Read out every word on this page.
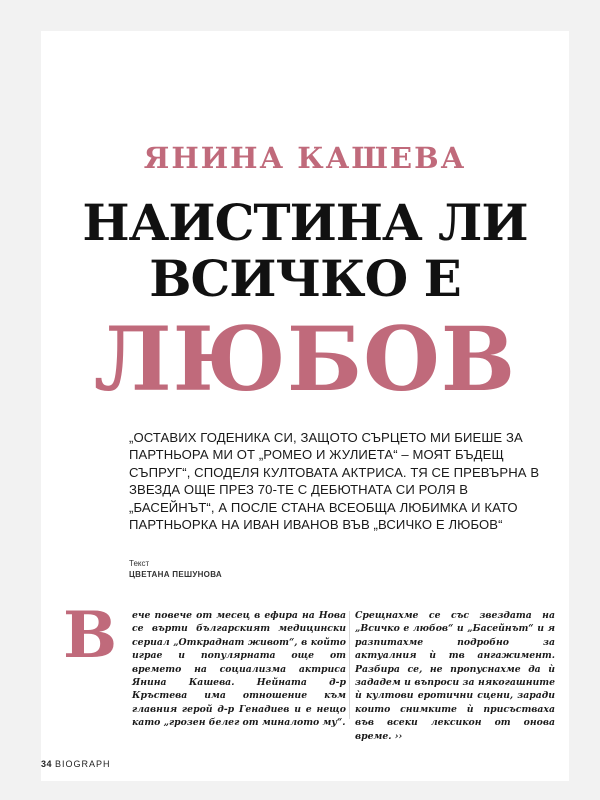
ЯНИНА КАШЕВА
НАИСТИНА ЛИ
ВСИЧКО Е
ЛЮБОВ
„ОСТАВИХ ГОДЕНИКА СИ, ЗАЩОТО СЪРЦЕТО МИ БИЕШЕ ЗА ПАРТНЬОРА МИ ОТ „РОМЕО И ЖУЛИЕТА“ – МОЯТ БЪДЕЩ СЪПРУГ“, СПОДЕЛЯ КУЛТОВАТА АКТРИСА. ТЯ СЕ ПРЕВЪРНА В ЗВЕЗДА ОЩЕ ПРЕЗ 70-ТЕ С ДЕБЮТНАТА СИ РОЛЯ В „БАСЕЙНЪТ“, А ПОСЛЕ СТАНА ВСЕОБЩА ЛЮБИМКА И КАТО ПАРТНЬОРКА НА ИВАН ИВАНОВ ВЪВ „ВСИЧКО Е ЛЮБОВ“
Текст
ЦВЕТАНА ПЕШУНОВА
В ече повече от месец в ефира на Нова се върти българският медицински сериал „Откраднат живот“, в който играе и популярната още от времето на социализма актриса Янина Кашева. Нейната д-р Кръстева има отношение към главния герой д-р Генадиев и е нещо като „грозен белег от миналото му“.
Срещнахме се със звездата на „Всичко е любов“ и „Басейнът“ и я разпитахме подробно за актуалния ѝ тв ангажимент. Разбира се, не пропуснахме да ѝ зададем и въпроси за някогашните ѝ култови еротични сцени, заради които снимките ѝ присъстваха във всеки лексикон от онова време. ››
34 BIOGRAPH
